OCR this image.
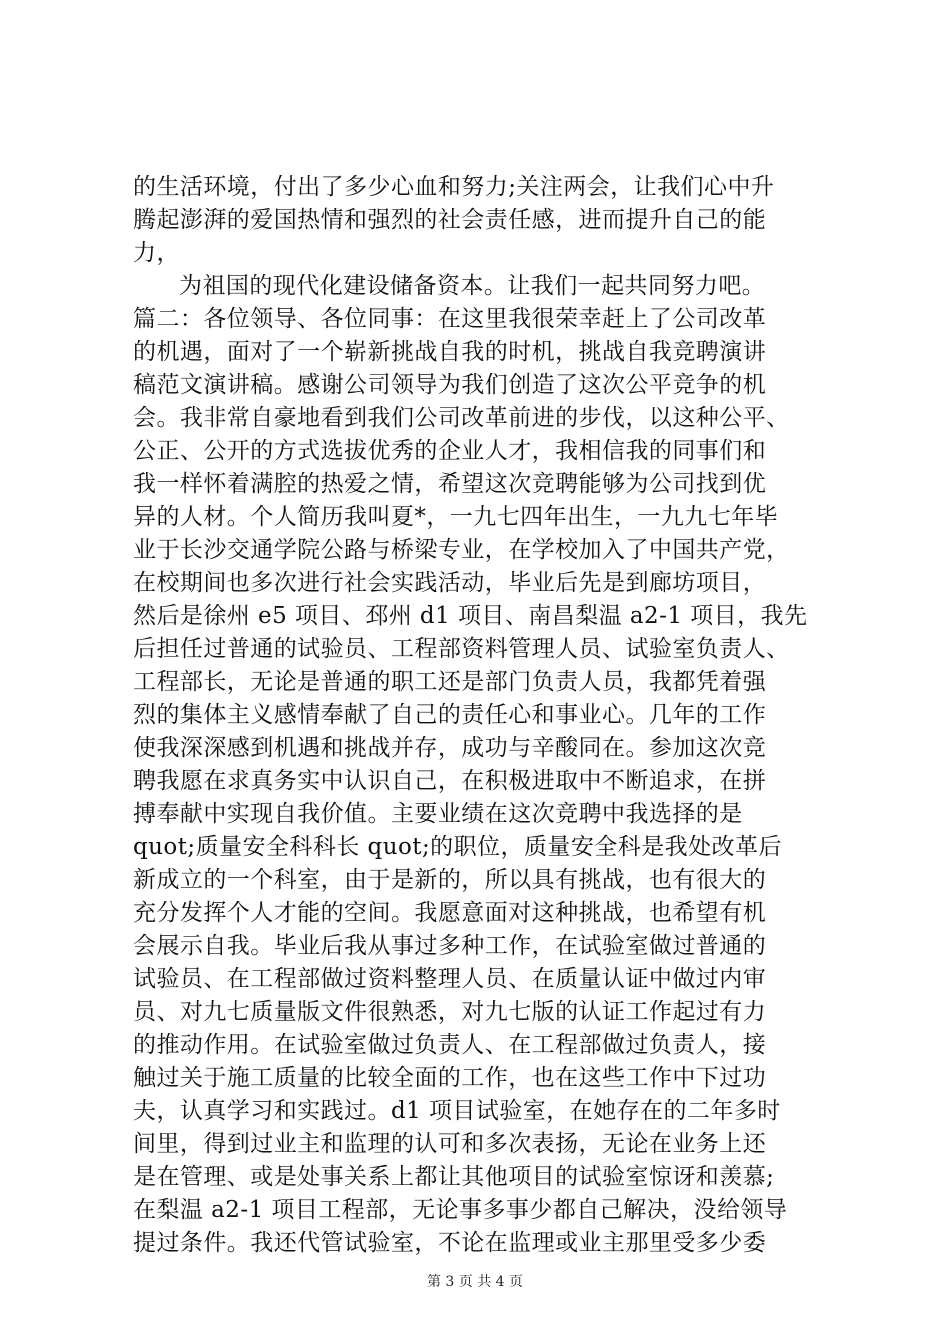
的生活环境，付出了多少心血和努力;关注两会，让我们心中升
腾起澎湃的爱国热情和强烈的社会责任感，进而提升自己的能
力，
为祖国的现代化建设储备资本。让我们一起共同努力吧。
篇二：各位领导、各位同事：在这里我很荣幸赶上了公司改革
的机遇，面对了一个崭新挑战自我的时机，挑战自我竞聘演讲
稿范文演讲稿。感谢公司领导为我们创造了这次公平竞争的机
会。我非常自豪地看到我们公司改革前进的步伐，以这种公平、
公正、公开的方式选拔优秀的企业人才，我相信我的同事们和
我一样怀着满腔的热爱之情，希望这次竞聘能够为公司找到优
异的人材。个人简历我叫夏*，一九七四年出生，一九九七年毕
业于长沙交通学院公路与桥梁专业，在学校加入了中国共产党，
在校期间也多次进行社会实践活动，毕业后先是到廊坊项目，
然后是徐州 e5 项目、邳州 d1 项目、南昌梨温 a2-1 项目，我先
后担任过普通的试验员、工程部资料管理人员、试验室负责人、
工程部长，无论是普通的职工还是部门负责人员，我都凭着强
烈的集体主义感情奉献了自己的责任心和事业心。几年的工作
使我深深感到机遇和挑战并存，成功与辛酸同在。参加这次竞
聘我愿在求真务实中认识自己，在积极进取中不断追求，在拼
搏奉献中实现自我价值。主要业绩在这次竞聘中我选择的是
quot;质量安全科科长 quot;的职位，质量安全科是我处改革后
新成立的一个科室，由于是新的，所以具有挑战，也有很大的
充分发挥个人才能的空间。我愿意面对这种挑战，也希望有机
会展示自我。毕业后我从事过多种工作，在试验室做过普通的
试验员、在工程部做过资料整理人员、在质量认证中做过内审
员、对九七质量版文件很熟悉，对九七版的认证工作起过有力
的推动作用。在试验室做过负责人、在工程部做过负责人，接
触过关于施工质量的比较全面的工作，也在这些工作中下过功
夫，认真学习和实践过。d1 项目试验室，在她存在的二年多时
间里，得到过业主和监理的认可和多次表扬，无论在业务上还
是在管理、或是处事关系上都让其他项目的试验室惊讶和羡慕;
在梨温 a2-1 项目工程部，无论事多事少都自己解决，没给领导
提过条件。我还代管试验室，不论在监理或业主那里受多少委
第 3 页 共 4 页
